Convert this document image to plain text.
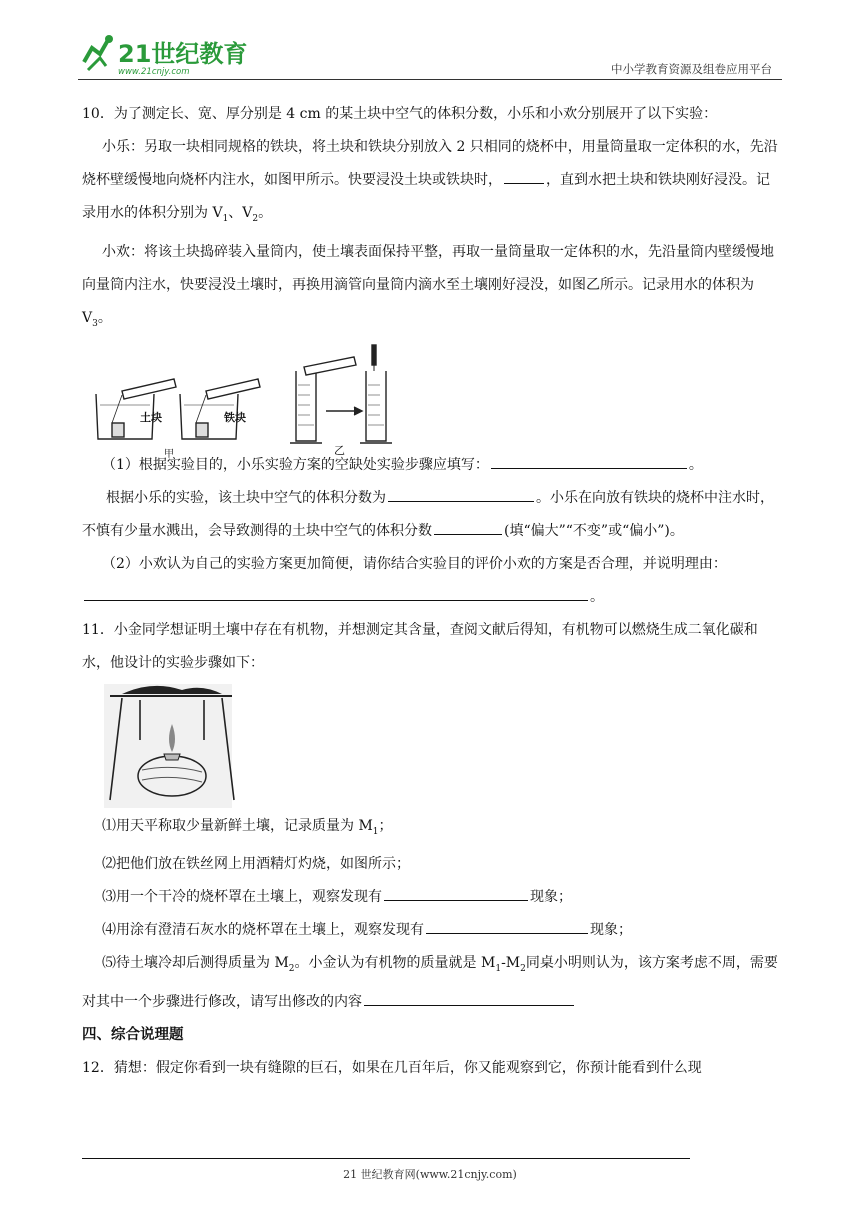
21世纪教育
www.21cnjy.com	中小学教育资源及组卷应用平台

10．为了测定长、宽、厚分别是 4 cm 的某土块中空气的体积分数，小乐和小欢分别展开了以下实验：

小乐：另取一块相同规格的铁块，将土块和铁块分别放入 2 只相同的烧杯中，用量筒量取一定体积的水，先沿烧杯壁缓慢地向烧杯内注水，如图甲所示。快要浸没土块或铁块时，	，直到水把土块和铁块刚好浸没。记录用水的体积分别为 $V_1$、$V_2$。

小欢：将该土块捣碎装入量筒内，使土壤表面保持平整，再取一量筒量取一定体积的水，先沿量筒内壁缓慢地向量筒内注水，快要浸没土壤时，再换用滴管向量筒内滴水至土壤刚好浸没，如图乙所示。记录用水的体积为 $V_3$。

土块	铁块
甲	乙

（1）根据实验目的，小乐实验方案的空缺处实验步骤应填写：	。

根据小乐的实验，该土块中空气的体积分数为	。小乐在向放有铁块的烧杯中注水时，不慎有少量水溅出，会导致测得的土块中空气的体积分数	(填“偏大”“不变”或“偏小”)。

（2）小欢认为自己的实验方案更加简便，请你结合实验目的评价小欢的方案是否合理，并说明理由：。

11．小金同学想证明土壤中存在有机物，并想测定其含量，查阅文献后得知，有机物可以燃烧生成二氧化碳和水，他设计的实验步骤如下：

⑴用天平称取少量新鲜土壤，记录质量为 $M_1$；

⑵把他们放在铁丝网上用酒精灯灼烧，如图所示；

⑶用一个干冷的烧杯罩在土壤上，观察发现有	现象；

⑷用涂有澄清石灰水的烧杯罩在土壤上，观察发现有	现象；

⑸待土壤冷却后测得质量为 $M_2$。小金认为有机物的质量就是 $M_1-M_2$同桌小明则认为，该方案考虑不周，需要对其中一个步骤进行修改，请写出修改的内容

四、综合说理题

12．猜想：假定你看到一块有缝隙的巨石，如果在几百年后，你又能观察到它，你预计能看到什么现

21 世纪教育网(www.21cnjy.com)
